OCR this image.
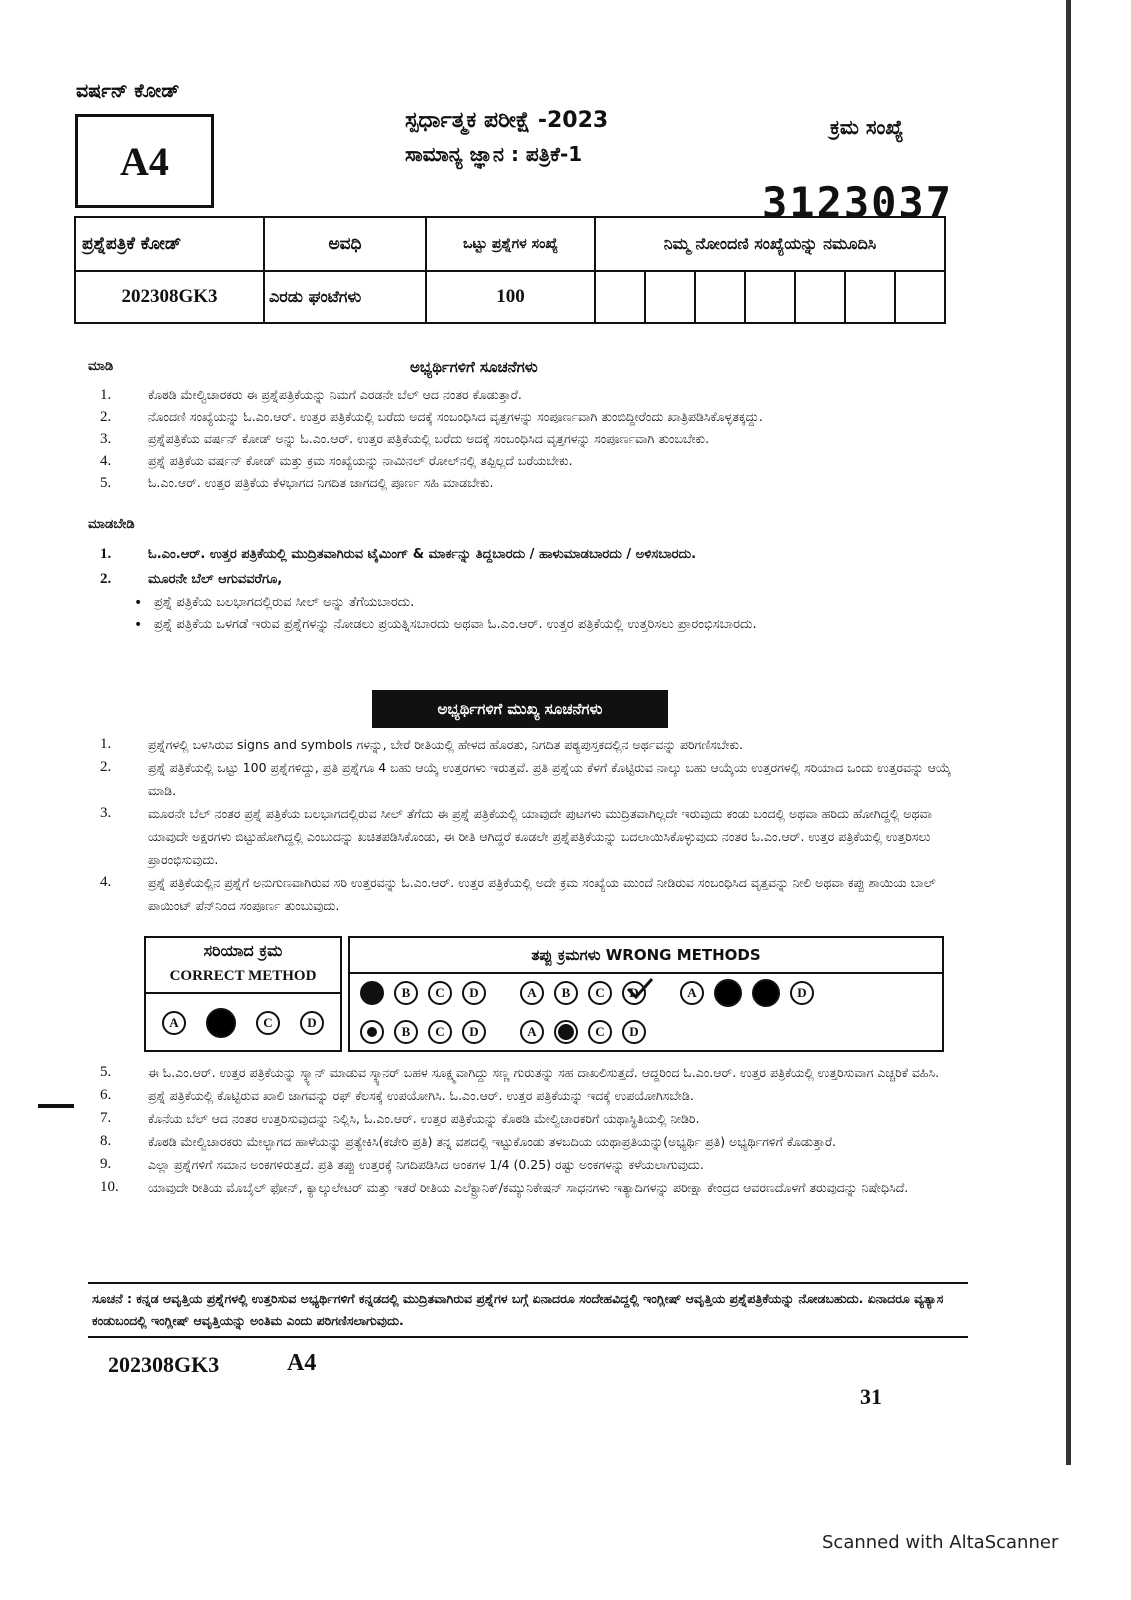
ವರ್ಷನ್ ಕೋಡ್
A4
ಸ್ಪರ್ಧಾತ್ಮಕ ಪರೀಕ್ಷೆ -2023
ಸಾಮಾನ್ಯ ಜ್ಞಾನ : ಪತ್ರಿಕೆ-1
ಕ್ರಮ ಸಂಖ್ಯೆ
3123037
ಪ್ರಶ್ನೆಪತ್ರಿಕೆ ಕೋಡ್	ಅವಧಿ	ಒಟ್ಟು ಪ್ರಶ್ನೆಗಳ ಸಂಖ್ಯೆ	ನಿಮ್ಮ ನೋಂದಣಿ ಸಂಖ್ಯೆಯನ್ನು ನಮೂದಿಸಿ						
202308GK3	ಎರಡು ಘಂಟೆಗಳು	100							
ಮಾಡಿ	ಅಭ್ಯರ್ಥಿಗಳಿಗೆ ಸೂಚನೆಗಳು
1.	ಕೊಠಡಿ ಮೇಲ್ವಿಚಾರಕರು ಈ ಪ್ರಶ್ನೆಪತ್ರಿಕೆಯನ್ನು ನಿಮಗೆ ಎರಡನೇ ಬೆಲ್ ಆದ ನಂತರ ಕೊಡುತ್ತಾರೆ.
2.	ನೊಂದಣಿ ಸಂಖ್ಯೆಯನ್ನು ಓ.ಎಂ.ಆರ್. ಉತ್ತರ ಪತ್ರಿಕೆಯಲ್ಲಿ ಬರೆದು ಅದಕ್ಕೆ ಸಂಬಂಧಿಸಿದ ವೃತ್ತಗಳನ್ನು ಸಂಪೂರ್ಣವಾಗಿ ತುಂಬಿದ್ದೀರೆಂದು ಖಾತ್ರಿಪಡಿಸಿಕೊಳ್ಳತಕ್ಕದ್ದು.
3.	ಪ್ರಶ್ನೆಪತ್ರಿಕೆಯ ವರ್ಷನ್ ಕೋಡ್ ಅನ್ನು ಓ.ಎಂ.ಆರ್. ಉತ್ತರ ಪತ್ರಿಕೆಯಲ್ಲಿ ಬರೆದು ಅದಕ್ಕೆ ಸಂಬಂಧಿಸಿದ ವೃತ್ತಗಳನ್ನು ಸಂಪೂರ್ಣವಾಗಿ ತುಂಬಬೇಕು.
4.	ಪ್ರಶ್ನೆ ಪತ್ರಿಕೆಯ ವರ್ಷನ್ ಕೋಡ್ ಮತ್ತು ಕ್ರಮ ಸಂಖ್ಯೆಯನ್ನು ನಾಮಿನಲ್ ರೋಲ್‌ನಲ್ಲಿ ತಪ್ಪಿಲ್ಲದೆ ಬರೆಯಬೇಕು.
5.	ಓ.ಎಂ.ಆರ್. ಉತ್ತರ ಪತ್ರಿಕೆಯ ಕೆಳಭಾಗದ ನಿಗದಿತ ಜಾಗದಲ್ಲಿ ಪೂರ್ಣ ಸಹಿ ಮಾಡಬೇಕು.
ಮಾಡಬೇಡಿ
1.	ಓ.ಎಂ.ಆರ್. ಉತ್ತರ ಪತ್ರಿಕೆಯಲ್ಲಿ ಮುದ್ರಿತವಾಗಿರುವ ಟೈಮಿಂಗ್ & ಮಾರ್ಕನ್ನು ತಿದ್ದಬಾರದು / ಹಾಳುಮಾಡಬಾರದು / ಅಳಿಸಬಾರದು.
2.	ಮೂರನೇ ಬೆಲ್ ಆಗುವವರೆಗೂ,
• ಪ್ರಶ್ನೆ ಪತ್ರಿಕೆಯ ಬಲಭಾಗದಲ್ಲಿರುವ ಸೀಲ್ ಅನ್ನು ತೆಗೆಯಬಾರದು.
• ಪ್ರಶ್ನೆ ಪತ್ರಿಕೆಯ ಒಳಗಡೆ ಇರುವ ಪ್ರಶ್ನೆಗಳನ್ನು ನೋಡಲು ಪ್ರಯತ್ನಿಸಬಾರದು ಅಥವಾ ಓ.ಎಂ.ಆರ್. ಉತ್ತರ ಪತ್ರಿಕೆಯಲ್ಲಿ ಉತ್ತರಿಸಲು ಪ್ರಾರಂಭಿಸಬಾರದು.
ಅಭ್ಯರ್ಥಿಗಳಿಗೆ ಮುಖ್ಯ ಸೂಚನೆಗಳು
1.	ಪ್ರಶ್ನೆಗಳಲ್ಲಿ ಬಳಸಿರುವ signs and symbols ಗಳನ್ನು, ಬೇರೆ ರೀತಿಯಲ್ಲಿ ಹೇಳದ ಹೊರತು, ನಿಗದಿತ ಪಠ್ಯಪುಸ್ತಕದಲ್ಲಿನ ಅರ್ಥವನ್ನು ಪರಿಗಣಿಸಬೇಕು.
2.	ಪ್ರಶ್ನೆ ಪತ್ರಿಕೆಯಲ್ಲಿ ಒಟ್ಟು 100 ಪ್ರಶ್ನೆಗಳಿದ್ದು, ಪ್ರತಿ ಪ್ರಶ್ನೆಗೂ 4 ಬಹು ಆಯ್ಕೆ ಉತ್ತರಗಳು ಇರುತ್ತವೆ. ಪ್ರತಿ ಪ್ರಶ್ನೆಯ ಕೆಳಗೆ ಕೊಟ್ಟಿರುವ ನಾಲ್ಕು ಬಹು ಆಯ್ಕೆಯ ಉತ್ತರಗಳಲ್ಲಿ ಸರಿಯಾದ ಒಂದು ಉತ್ತರವನ್ನು ಆಯ್ಕೆ ಮಾಡಿ.
3.	ಮೂರನೇ ಬೆಲ್ ನಂತರ ಪ್ರಶ್ನೆ ಪತ್ರಿಕೆಯ ಬಲಭಾಗದಲ್ಲಿರುವ ಸೀಲ್ ತೆಗೆದು ಈ ಪ್ರಶ್ನೆ ಪತ್ರಿಕೆಯಲ್ಲಿ ಯಾವುದೇ ಪುಟಗಳು ಮುದ್ರಿತವಾಗಿಲ್ಲದೇ ಇರುವುದು ಕಂಡು ಬಂದಲ್ಲಿ ಅಥವಾ ಹರಿದು ಹೋಗಿದ್ದಲ್ಲಿ ಅಥವಾ ಯಾವುದೇ ಅಕ್ಷರಗಳು ಬಿಟ್ಟುಹೋಗಿದ್ದಲ್ಲಿ ಎಂಬುದನ್ನು ಖಚಿತಪಡಿಸಿಕೊಂಡು, ಈ ರೀತಿ ಆಗಿದ್ದರೆ ಕೂಡಲೇ ಪ್ರಶ್ನೆಪತ್ರಿಕೆಯನ್ನು ಬದಲಾಯಿಸಿಕೊಳ್ಳುವುದು ನಂತರ ಓ.ಎಂ.ಆರ್. ಉತ್ತರ ಪತ್ರಿಕೆಯಲ್ಲಿ ಉತ್ತರಿಸಲು ಪ್ರಾರಂಭಿಸುವುದು.
4.	ಪ್ರಶ್ನೆ ಪತ್ರಿಕೆಯಲ್ಲಿನ ಪ್ರಶ್ನೆಗೆ ಅನುಗುಣವಾಗಿರುವ ಸರಿ ಉತ್ತರವನ್ನು ಓ.ಎಂ.ಆರ್. ಉತ್ತರ ಪತ್ರಿಕೆಯಲ್ಲಿ ಅದೇ ಕ್ರಮ ಸಂಖ್ಯೆಯ ಮುಂದೆ ನೀಡಿರುವ ಸಂಬಂಧಿಸಿದ ವೃತ್ತವನ್ನು ನೀಲಿ ಅಥವಾ ಕಪ್ಪು ಶಾಯಿಯ ಬಾಲ್ ಪಾಯಿಂಟ್ ಪೆನ್‌ನಿಂದ ಸಂಪೂರ್ಣ ತುಂಬುವುದು.
ಸರಿಯಾದ ಕ್ರಮ
CORRECT METHOD
A	C	D
ತಪ್ಪು ಕ್ರಮಗಳು WRONG METHODS
B	C	D	A	B	C	D	A	D
B	C	D	A	C	D
5.	ಈ ಓ.ಎಂ.ಆರ್. ಉತ್ತರ ಪತ್ರಿಕೆಯನ್ನು ಸ್ಕ್ಯಾನ್ ಮಾಡುವ ಸ್ಕ್ಯಾನರ್ ಬಹಳ ಸೂಕ್ಷ್ಮವಾಗಿದ್ದು ಸಣ್ಣ ಗುರುತನ್ನು ಸಹ ದಾಖಲಿಸುತ್ತದೆ. ಆದ್ದರಿಂದ ಓ.ಎಂ.ಆರ್. ಉತ್ತರ ಪತ್ರಿಕೆಯಲ್ಲಿ ಉತ್ತರಿಸುವಾಗ ಎಚ್ಚರಿಕೆ ವಹಿಸಿ.
6.	ಪ್ರಶ್ನೆ ಪತ್ರಿಕೆಯಲ್ಲಿ ಕೊಟ್ಟಿರುವ ಖಾಲಿ ಜಾಗವನ್ನು ರಫ್ ಕೆಲಸಕ್ಕೆ ಉಪಯೋಗಿಸಿ. ಓ.ಎಂ.ಆರ್. ಉತ್ತರ ಪತ್ರಿಕೆಯನ್ನು ಇದಕ್ಕೆ ಉಪಯೋಗಿಸಬೇಡಿ.
7.	ಕೊನೆಯ ಬೆಲ್ ಆದ ನಂತರ ಉತ್ತರಿಸುವುದನ್ನು ನಿಲ್ಲಿಸಿ, ಓ.ಎಂ.ಆರ್. ಉತ್ತರ ಪತ್ರಿಕೆಯನ್ನು ಕೊಠಡಿ ಮೇಲ್ವಿಚಾರಕರಿಗೆ ಯಥಾಸ್ಥಿತಿಯಲ್ಲಿ ನೀಡಿರಿ.
8.	ಕೊಠಡಿ ಮೇಲ್ವಿಚಾರಕರು ಮೇಲ್ಭಾಗದ ಹಾಳೆಯನ್ನು ಪ್ರತ್ಯೇಕಿಸಿ(ಕಚೇರಿ ಪ್ರತಿ) ತನ್ನ ವಶದಲ್ಲಿ ಇಟ್ಟುಕೊಂಡು ತಳಬದಿಯ ಯಥಾಪ್ರತಿಯನ್ನು(ಅಭ್ಯರ್ಥಿ ಪ್ರತಿ) ಅಭ್ಯರ್ಥಿಗಳಿಗೆ ಕೊಡುತ್ತಾರೆ.
9.	ಎಲ್ಲಾ ಪ್ರಶ್ನೆಗಳಿಗೆ ಸಮಾನ ಅಂಕಗಳಿರುತ್ತದೆ. ಪ್ರತಿ ತಪ್ಪು ಉತ್ತರಕ್ಕೆ ನಿಗದಿಪಡಿಸಿದ ಅಂಕಗಳ 1/4 (0.25) ರಷ್ಟು ಅಂಕಗಳನ್ನು ಕಳೆಯಲಾಗುವುದು.
10.	ಯಾವುದೇ ರೀತಿಯ ಮೊಬೈಲ್ ಫೋನ್, ಕ್ಯಾಲ್ಕುಲೇಟರ್ ಮತ್ತು ಇತರೆ ರೀತಿಯ ಎಲೆಕ್ಟ್ರಾನಿಕ್/ಕಮ್ಯುನಿಕೇಷನ್ ಸಾಧನಗಳು ಇತ್ಯಾದಿಗಳನ್ನು ಪರೀಕ್ಷಾ ಕೇಂದ್ರದ ಆವರಣದೊಳಗೆ ತರುವುದನ್ನು ನಿಷೇಧಿಸಿದೆ.
ಸೂಚನೆ : ಕನ್ನಡ ಆವೃತ್ತಿಯ ಪ್ರಶ್ನೆಗಳಲ್ಲಿ ಉತ್ತರಿಸುವ ಅಭ್ಯರ್ಥಿಗಳಿಗೆ ಕನ್ನಡದಲ್ಲಿ ಮುದ್ರಿತವಾಗಿರುವ ಪ್ರಶ್ನೆಗಳ ಬಗ್ಗೆ ಏನಾದರೂ ಸಂದೇಹವಿದ್ದಲ್ಲಿ ಇಂಗ್ಲೀಷ್ ಆವೃತ್ತಿಯ ಪ್ರಶ್ನೆಪತ್ರಿಕೆಯನ್ನು ನೋಡಬಹುದು. ಏನಾದರೂ ವ್ಯತ್ಯಾಸ ಕಂಡುಬಂದಲ್ಲಿ ಇಂಗ್ಲೀಷ್ ಆವೃತ್ತಿಯನ್ನು ಅಂತಿಮ ಎಂದು ಪರಿಗಣಿಸಲಾಗುವುದು.
202308GK3	A4
31
Scanned with AltaScanner
